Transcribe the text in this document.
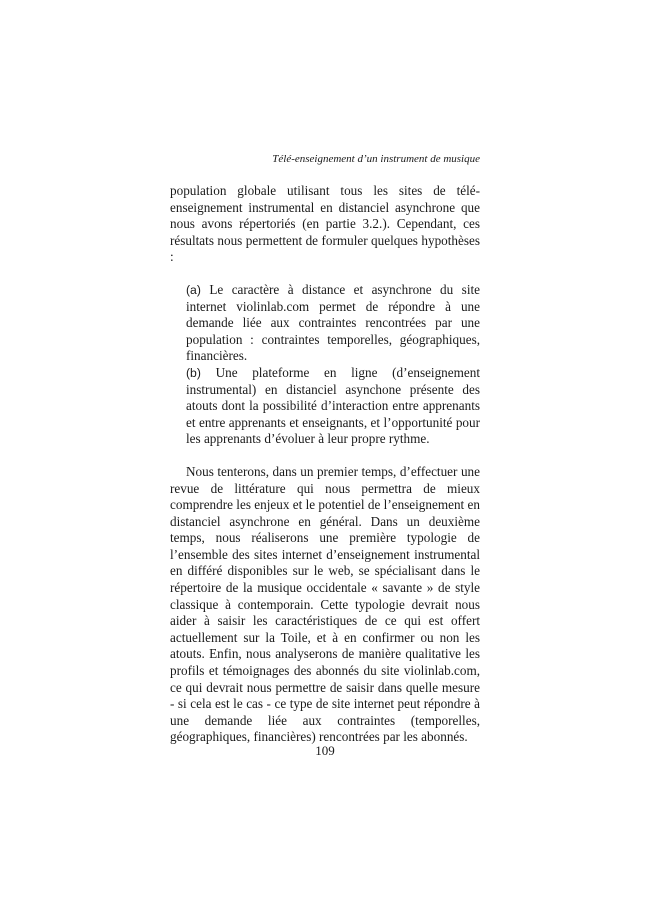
Télé-enseignement d’un instrument de musique

population globale utilisant tous les sites de télé-enseignement instrumental en distanciel asynchrone que nous avons répertoriés (en partie 3.2.). Cependant, ces résultats nous permettent de formuler quelques hypothèses :

(a) Le caractère à distance et asynchrone du site internet violinlab.com permet de répondre à une demande liée aux contraintes rencontrées par une population : contraintes temporelles, géographiques, financières.

(b) Une plateforme en ligne (d’enseignement instrumental) en distanciel asynchone présente des atouts dont la possibilité d’interaction entre apprenants et entre apprenants et enseignants, et l’opportunité pour les apprenants d’évoluer à leur propre rythme.

Nous tenterons, dans un premier temps, d’effectuer une revue de littérature qui nous permettra de mieux comprendre les enjeux et le potentiel de l’enseignement en distanciel asynchrone en général. Dans un deuxième temps, nous réaliserons une première typologie de l’ensemble des sites internet d’enseignement instrumental en différé disponibles sur le web, se spécialisant dans le répertoire de la musique occidentale « savante » de style classique à contemporain. Cette typologie devrait nous aider à saisir les caractéristiques de ce qui est offert actuellement sur la Toile, et à en confirmer ou non les atouts. Enfin, nous analyserons de manière qualitative les profils et témoignages des abonnés du site violinlab.com, ce qui devrait nous permettre de saisir dans quelle mesure - si cela est le cas - ce type de site internet peut répondre à une demande liée aux contraintes (temporelles, géographiques, financières) rencontrées par les abonnés.

109
